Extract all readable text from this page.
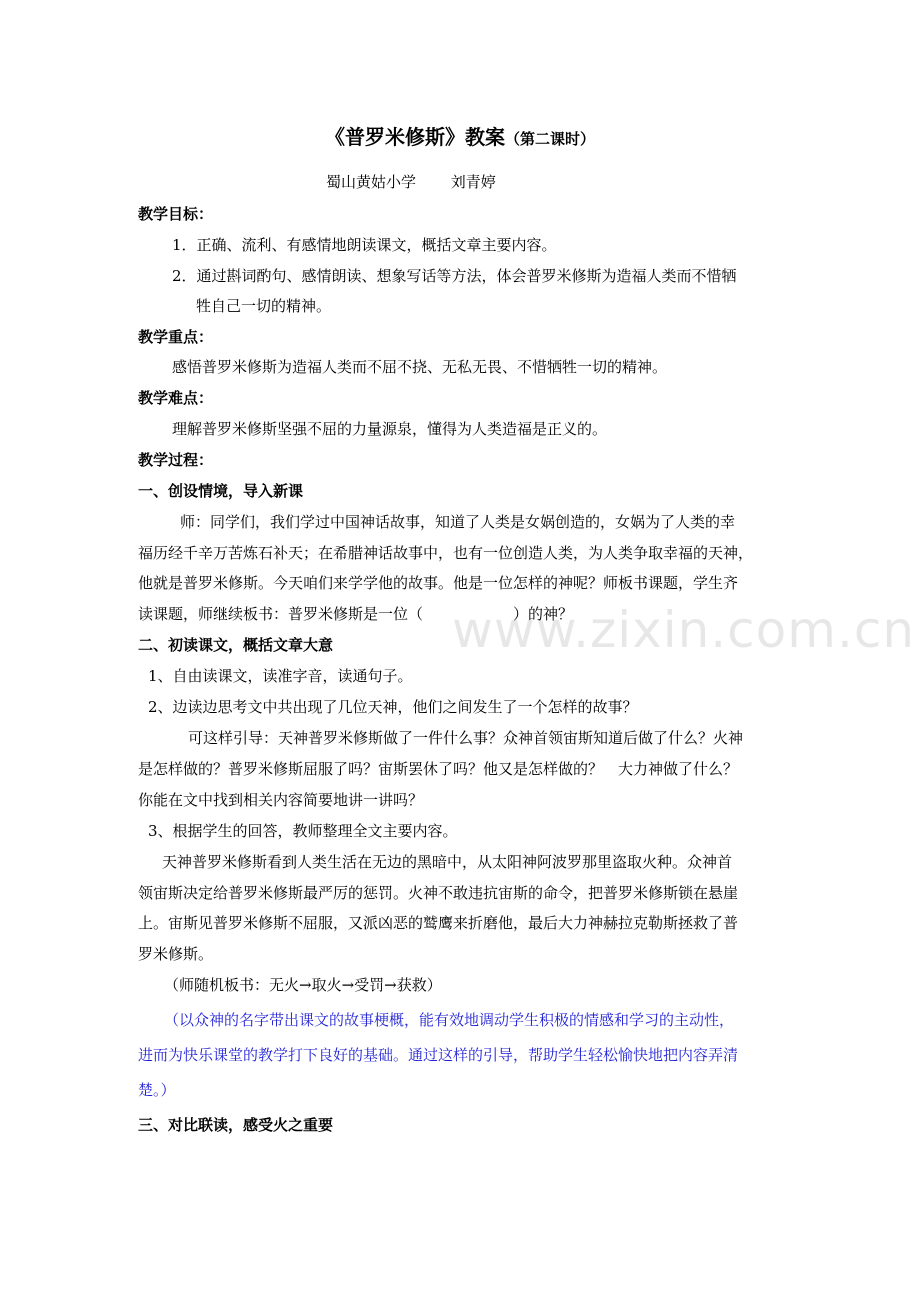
《普罗米修斯》教案（第二课时）

蜀山黄姑小学　　 刘青婷

教学目标：

1．正确、流利、有感情地朗读课文，概括文章主要内容。

2．通过斟词酌句、感情朗读、想象写话等方法，体会普罗米修斯为造福人类而不惜牺

牲自己一切的精神。

教学重点：

感悟普罗米修斯为造福人类而不屈不挠、无私无畏、不惜牺牲一切的精神。

教学难点：

理解普罗米修斯坚强不屈的力量源泉，懂得为人类造福是正义的。

教学过程：

一、创设情境，导入新课

师：同学们，我们学过中国神话故事，知道了人类是女娲创造的，女娲为了人类的幸

福历经千辛万苦炼石补天；在希腊神话故事中，也有一位创造人类，为人类争取幸福的天神，

他就是普罗米修斯。今天咱们来学学他的故事。他是一位怎样的神呢？师板书课题，学生齐

读课题，师继续板书：普罗米修斯是一位（　　　　　　）的神？

二、初读课文，概括文章大意

1、自由读课文，读准字音，读通句子。

2、边读边思考文中共出现了几位天神，他们之间发生了一个怎样的故事？

可这样引导：天神普罗米修斯做了一件什么事？众神首领宙斯知道后做了什么？火神

是怎样做的？普罗米修斯屈服了吗？宙斯罢休了吗？他又是怎样做的？　大力神做了什么？

你能在文中找到相关内容简要地讲一讲吗？

3、根据学生的回答，教师整理全文主要内容。

天神普罗米修斯看到人类生活在无边的黑暗中，从太阳神阿波罗那里盗取火种。众神首

领宙斯决定给普罗米修斯最严厉的惩罚。火神不敢违抗宙斯的命令，把普罗米修斯锁在悬崖

上。宙斯见普罗米修斯不屈服，又派凶恶的鹫鹰来折磨他，最后大力神赫拉克勒斯拯救了普

罗米修斯。

（师随机板书：无火→取火→受罚→获救）

（以众神的名字带出课文的故事梗概，能有效地调动学生积极的情感和学习的主动性，

进而为快乐课堂的教学打下良好的基础。通过这样的引导，帮助学生轻松愉快地把内容弄清

楚。）

三、对比联读，感受火之重要

www.zixin.com.cn
